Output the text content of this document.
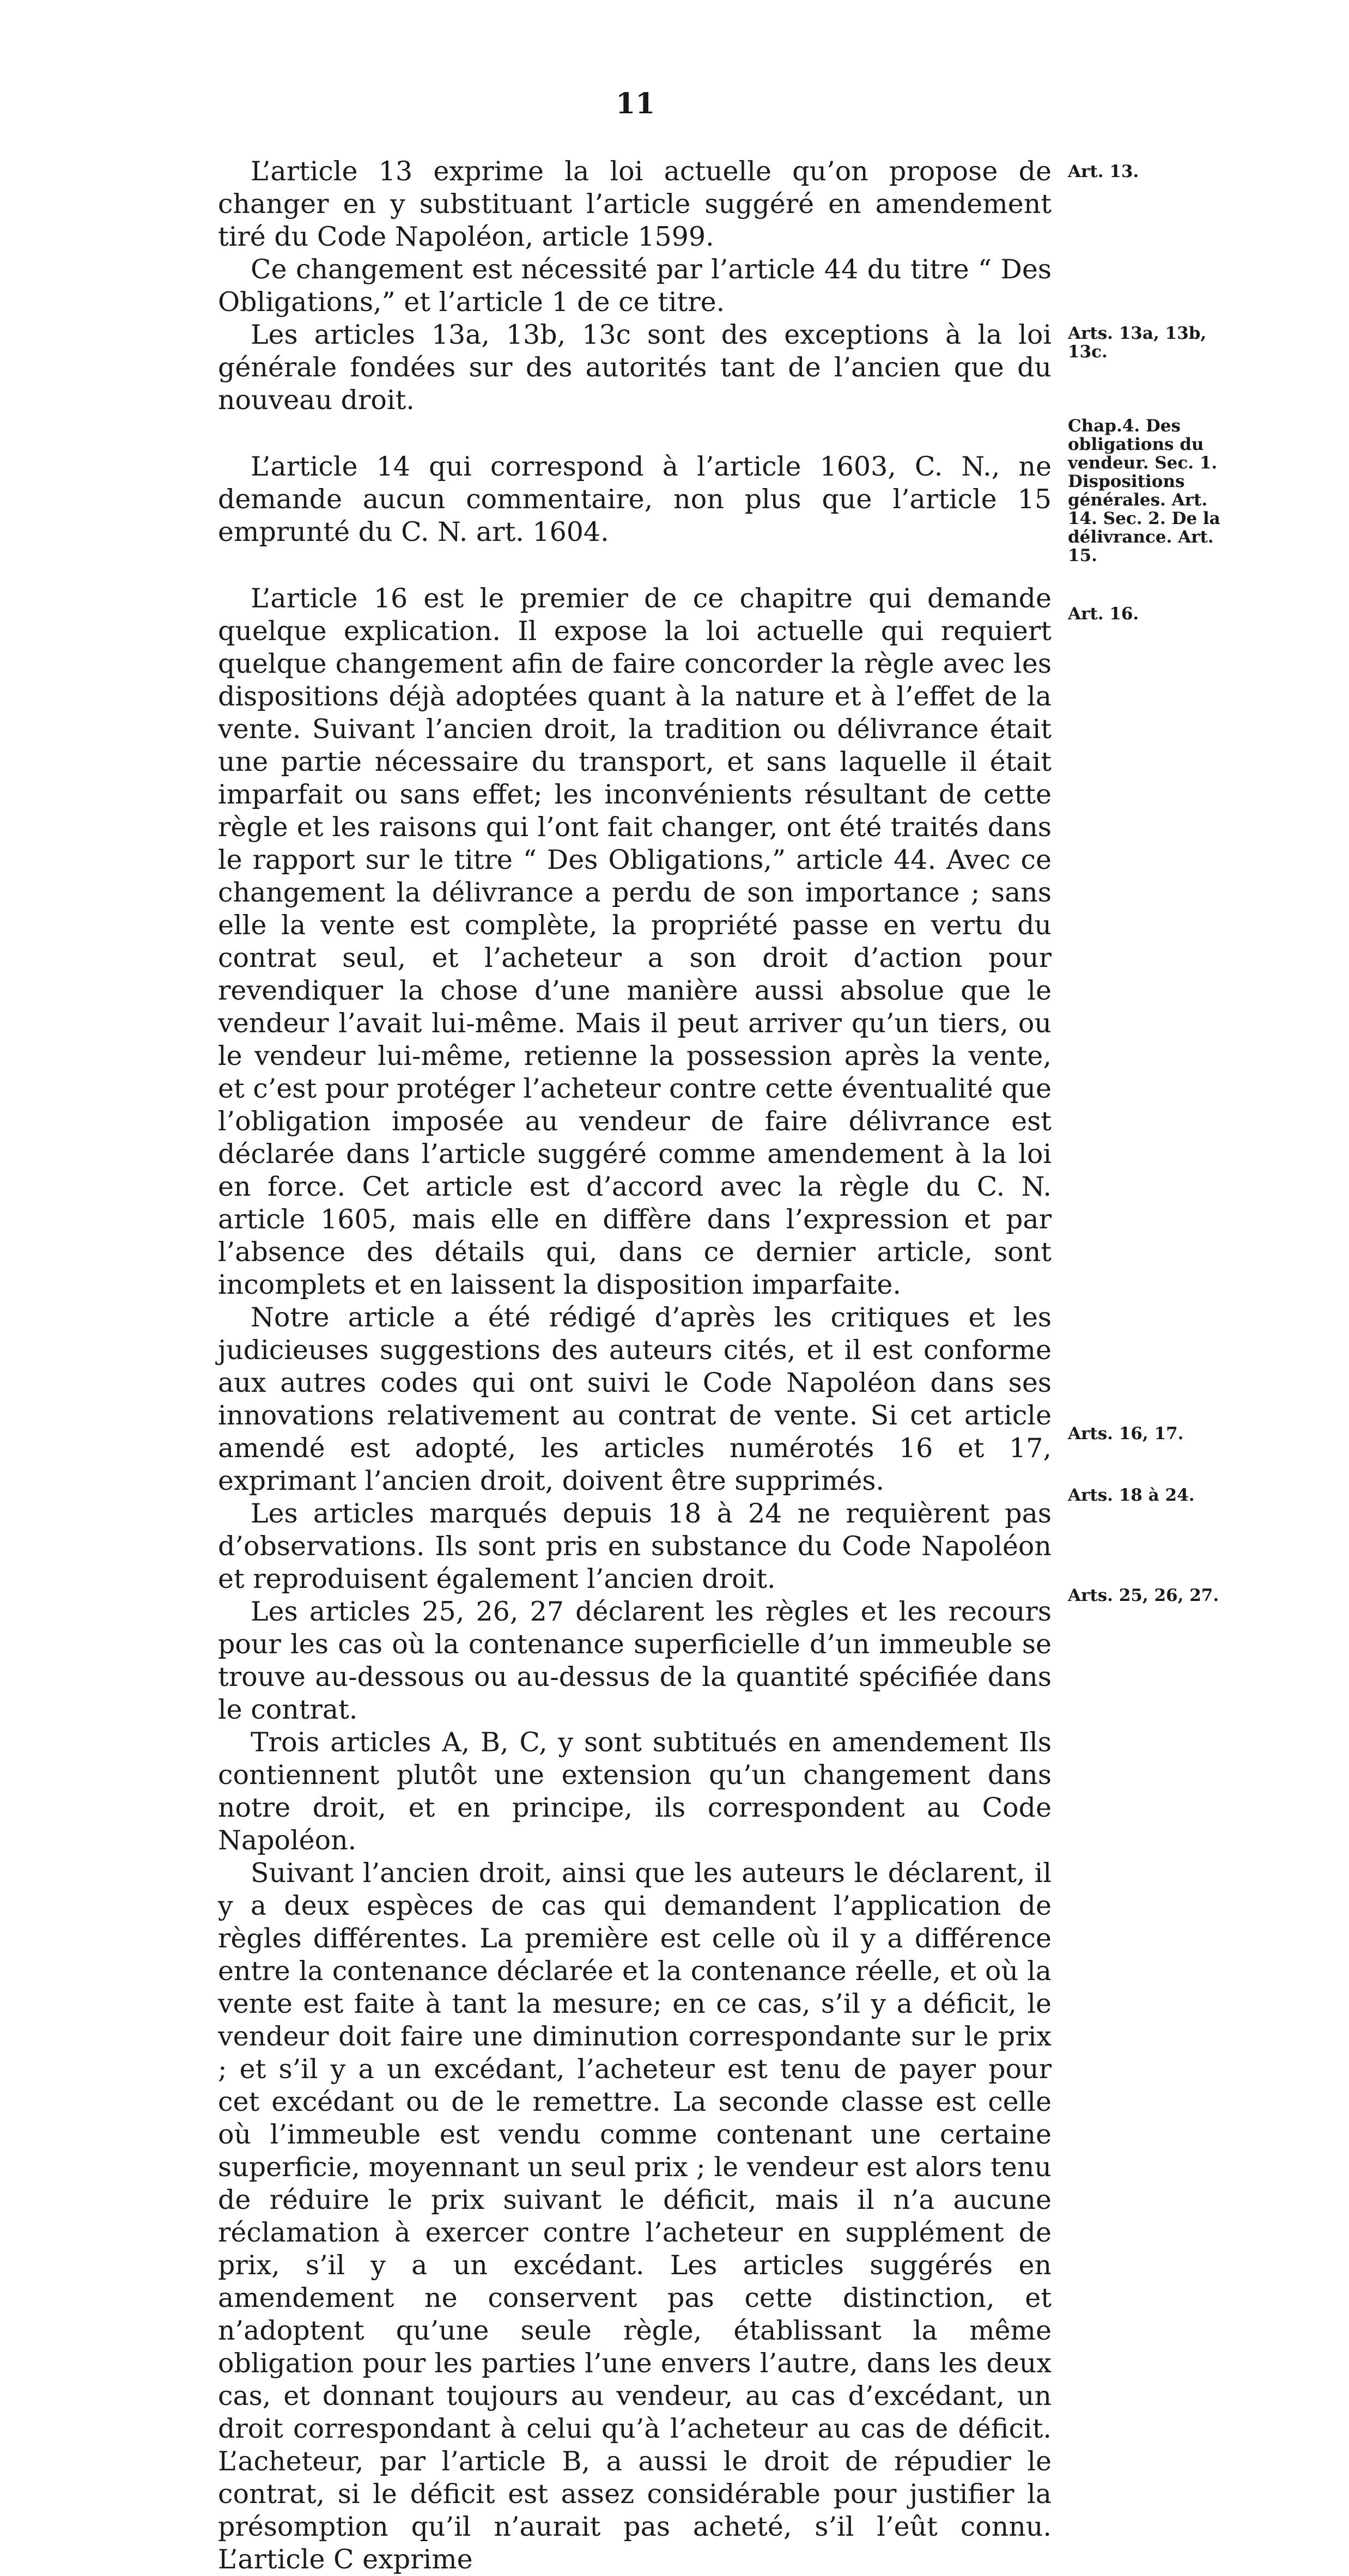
11

L’article 13 exprime la loi actuelle qu’on propose de changer en y substituant l’article suggéré en amendement tiré du Code Napoléon, article 1599.

Ce changement est nécessité par l’article 44 du titre “ Des Obligations,” et l’article 1 de ce titre.

Les articles 13a, 13b, 13c sont des exceptions à la loi générale fondées sur des autorités tant de l’ancien que du nouveau droit.

L’article 14 qui correspond à l’article 1603, C. N., ne demande aucun commentaire, non plus que l’article 15 emprunté du C. N. art. 1604.

L’article 16 est le premier de ce chapitre qui demande quelque explication. Il expose la loi actuelle qui requiert quelque changement afin de faire concorder la règle avec les dispositions déjà adoptées quant à la nature et à l’effet de la vente. Suivant l’ancien droit, la tradition ou délivrance était une partie nécessaire du transport, et sans laquelle il était imparfait ou sans effet; les inconvénients résultant de cette règle et les raisons qui l’ont fait changer, ont été traités dans le rapport sur le titre “ Des Obligations,” article 44. Avec ce changement la délivrance a perdu de son importance ; sans elle la vente est complète, la propriété passe en vertu du contrat seul, et l’acheteur a son droit d’action pour revendiquer la chose d’une manière aussi absolue que le vendeur l’avait lui-même. Mais il peut arriver qu’un tiers, ou le vendeur lui-même, retienne la possession après la vente, et c’est pour protéger l’acheteur contre cette éventualité que l’obligation imposée au vendeur de faire délivrance est déclarée dans l’article suggéré comme amendement à la loi en force. Cet article est d’accord avec la règle du C. N. article 1605, mais elle en diffère dans l’expression et par l’absence des détails qui, dans ce dernier article, sont incomplets et en laissent la disposition imparfaite.

Notre article a été rédigé d’après les critiques et les judicieuses suggestions des auteurs cités, et il est conforme aux autres codes qui ont suivi le Code Napoléon dans ses innovations relativement au contrat de vente. Si cet article amendé est adopté, les articles numérotés 16 et 17, exprimant l’ancien droit, doivent être supprimés.

Les articles marqués depuis 18 à 24 ne requièrent pas d’observations. Ils sont pris en substance du Code Napoléon et reproduisent également l’ancien droit.

Les articles 25, 26, 27 déclarent les règles et les recours pour les cas où la contenance superficielle d’un immeuble se trouve au-dessous ou au-dessus de la quantité spécifiée dans le contrat.

Trois articles A, B, C, y sont subtitués en amendement Ils contiennent plutôt une extension qu’un changement dans notre droit, et en principe, ils correspondent au Code Napoléon.

Suivant l’ancien droit, ainsi que les auteurs le déclarent, il y a deux espèces de cas qui demandent l’application de règles différentes. La première est celle où il y a différence entre la contenance déclarée et la contenance réelle, et où la vente est faite à tant la mesure; en ce cas, s’il y a déficit, le vendeur doit faire une diminution correspondante sur le prix ; et s’il y a un excédant, l’acheteur est tenu de payer pour cet excédant ou de le remettre. La seconde classe est celle où l’immeuble est vendu comme contenant une certaine superficie, moyennant un seul prix ; le vendeur est alors tenu de réduire le prix suivant le déficit, mais il n’a aucune réclamation à exercer contre l’acheteur en supplément de prix, s’il y a un excédant. Les articles suggérés en amendement ne conservent pas cette distinction, et n’adoptent qu’une seule règle, établissant la même obligation pour les parties l’une envers l’autre, dans les deux cas, et donnant toujours au vendeur, au cas d’excédant, un droit correspondant à celui qu’à l’acheteur au cas de déficit. L’acheteur, par l’article B, a aussi le droit de répudier le contrat, si le déficit est assez considérable pour justifier la présomption qu’il n’aurait pas acheté, s’il l’eût connu. L’article C exprime

Art. 13.
Arts. 13a, 13b, 13c.
Chap.4. Des obligations du vendeur. Sec. 1. Dispositions générales. Art. 14. Sec. 2. De la délivrance. Art. 15.
Art. 16.
Arts. 16, 17.
Arts. 18 à 24.
Arts. 25, 26, 27.
